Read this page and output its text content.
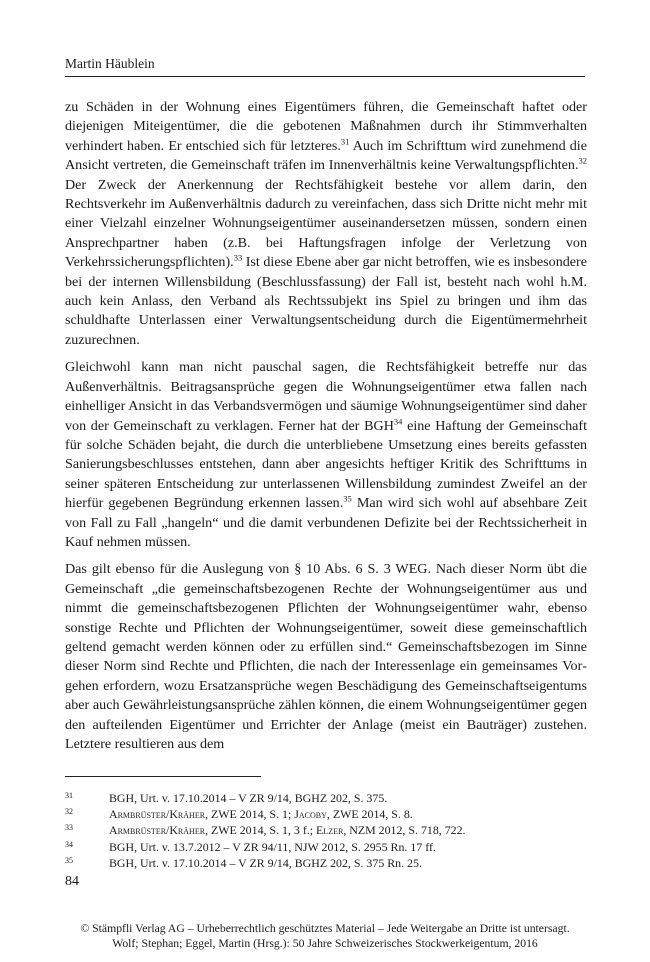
Martin Häublein

zu Schäden in der Wohnung eines Eigentümers führen, die Gemeinschaft haftet oder diejenigen Miteigentümer, die die gebotenen Maßnahmen durch ihr Stimmverhalten verhindert haben. Er entschied sich für letzteres.$^{31}$ Auch im Schrifttum wird zunehmend die Ansicht vertreten, die Gemeinschaft träfen im Innenverhältnis keine Verwaltungspflichten.$^{32}$ Der Zweck der Anerkennung der Rechtsfähigkeit bestehe vor allem darin, den Rechtsverkehr im Außenverhältnis dadurch zu vereinfachen, dass sich Dritte nicht mehr mit einer Vielzahl einzelner Wohnungseigentümer auseinandersetzen müssen, sondern einen Ansprechpartner haben (z.B. bei Haftungsfragen infolge der Verletzung von Verkehrssicherungspflichten).$^{33}$ Ist diese Ebene aber gar nicht betroffen, wie es insbesondere bei der internen Willensbildung (Beschlussfassung) der Fall ist, besteht nach wohl h.M. auch kein Anlass, den Verband als Rechtssubjekt ins Spiel zu bringen und ihm das schuldhafte Unterlassen einer Verwaltungsentscheidung durch die Eigentümermehrheit zuzurechnen.

Gleichwohl kann man nicht pauschal sagen, die Rechtsfähigkeit betreffe nur das Außenverhältnis. Beitragsansprüche gegen die Wohnungseigentümer etwa fallen nach einhelliger Ansicht in das Verbandsvermögen und säumige Wohnungseigentümer sind daher von der Gemeinschaft zu verklagen. Ferner hat der BGH$^{34}$ eine Haftung der Gemeinschaft für solche Schäden bejaht, die durch die unterbliebene Umsetzung eines bereits gefassten Sanierungsbeschlusses entstehen, dann aber angesichts heftiger Kritik des Schrifttums in seiner späteren Entscheidung zur unterlassenen Willensbildung zumindest Zweifel an der hierfür gegebenen Begründung erkennen lassen.$^{35}$ Man wird sich wohl auf absehbare Zeit von Fall zu Fall „hangeln“ und die damit verbundenen Defizite bei der Rechtssicherheit in Kauf nehmen müssen.

Das gilt ebenso für die Auslegung von § 10 Abs. 6 S. 3 WEG. Nach dieser Norm übt die Gemeinschaft „die gemeinschaftsbezogenen Rechte der Wohnungseigentümer aus und nimmt die gemeinschaftsbezogenen Pflichten der Wohnungseigentümer wahr, ebenso sonstige Rechte und Pflichten der Wohnungseigentümer, soweit diese gemeinschaftlich geltend gemacht werden können oder zu erfüllen sind.“ Gemeinschaftsbezogen im Sinne dieser Norm sind Rechte und Pflichten, die nach der Interessenlage ein gemeinsames Vorgehen erfordern, wozu Ersatzansprüche wegen Beschädigung des Gemeinschaftseigentums aber auch Gewährleistungsansprüche zählen können, die einem Wohnungseigentümer gegen den aufteilenden Eigentümer und Errichter der Anlage (meist ein Bauträger) zustehen. Letztere resultieren aus dem

31	BGH, Urt. v. 17.10.2014 – V ZR 9/14, BGHZ 202, S. 375.
32	Armbrüster/Kräher, ZWE 2014, S. 1; Jacoby, ZWE 2014, S. 8.
33	Armbrüster/Kräher, ZWE 2014, S. 1, 3 f.; Elzer, NZM 2012, S. 718, 722.
34	BGH, Urt. v. 13.7.2012 – V ZR 94/11, NJW 2012, S. 2955 Rn. 17 ff.
35	BGH, Urt. v. 17.10.2014 – V ZR 9/14, BGHZ 202, S. 375 Rn. 25.
84
© Stämpfli Verlag AG – Urheberrechtlich geschütztes Material – Jede Weitergabe an Dritte ist untersagt.
Wolf; Stephan; Eggel, Martin (Hrsg.): 50 Jahre Schweizerisches Stockwerkeigentum, 2016
